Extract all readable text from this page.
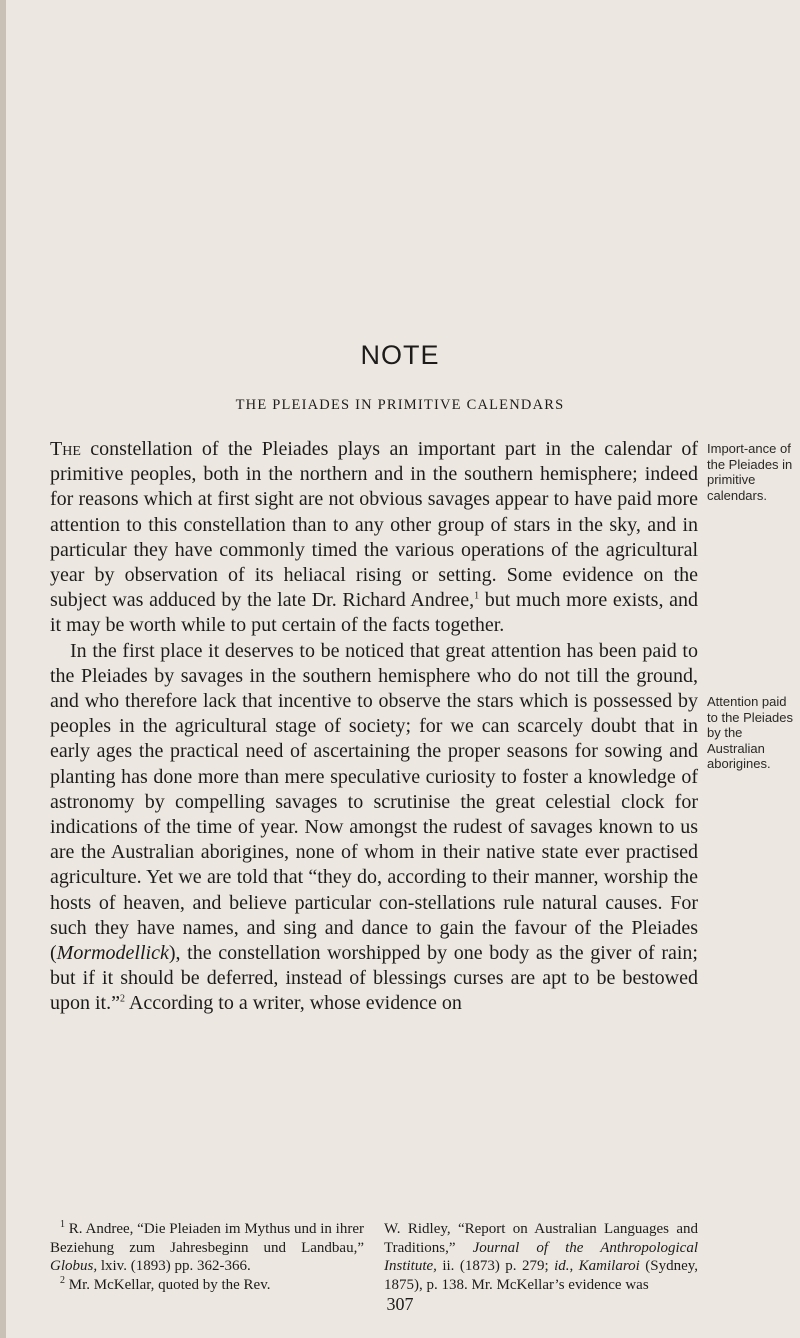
NOTE
THE PLEIADES IN PRIMITIVE CALENDARS

The constellation of the Pleiades plays an important part in the calendar of primitive peoples, both in the northern and in the southern hemisphere; indeed for reasons which at first sight are not obvious savages appear to have paid more attention to this constellation than to any other group of stars in the sky, and in particular they have commonly timed the various operations of the agricultural year by observation of its heliacal rising or setting. Some evidence on the subject was adduced by the late Dr. Richard Andree,$^1$ but much more exists, and it may be worth while to put certain of the facts together.

In the first place it deserves to be noticed that great attention has been paid to the Pleiades by savages in the southern hemisphere who do not till the ground, and who therefore lack that incentive to observe the stars which is possessed by peoples in the agricultural stage of society; for we can scarcely doubt that in early ages the practical need of ascertaining the proper seasons for sowing and planting has done more than mere speculative curiosity to foster a knowledge of astronomy by compelling savages to scrutinise the great celestial clock for indications of the time of year. Now amongst the rudest of savages known to us are the Australian aborigines, none of whom in their native state ever practised agriculture. Yet we are told that “they do, according to their manner, worship the hosts of heaven, and believe particular con-stellations rule natural causes. For such they have names, and sing and dance to gain the favour of the Pleiades (Mormodellick), the constellation worshipped by one body as the giver of rain; but if it should be deferred, instead of blessings curses are apt to be bestowed upon it.”$^2$ According to a writer, whose evidence on

Import-ance of the Pleiades in primitive calendars.
Attention paid to the Pleiades by the Australian aborigines.

$^1$ R. Andree, “Die Pleiaden im Mythus und in ihrer Beziehung zum Jahresbeginn und Landbau,” Globus, lxiv. (1893) pp. 362-366.

$^2$ Mr. McKellar, quoted by the Rev.

W. Ridley, “Report on Australian Languages and Traditions,” Journal of the Anthropological Institute, ii. (1873) p. 279; id., Kamilaroi (Sydney, 1875), p. 138. Mr. McKellar’s evidence was

307
